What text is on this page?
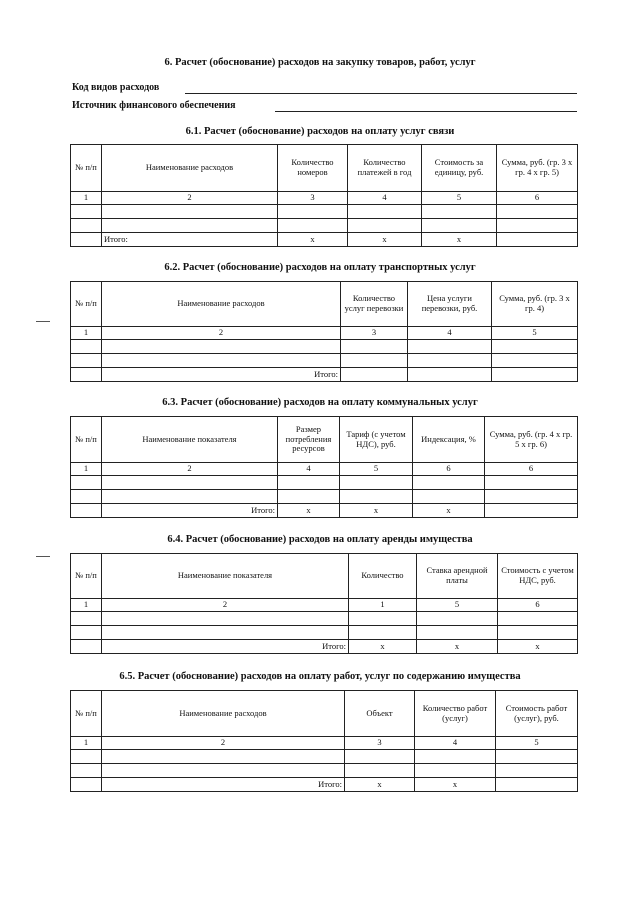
6. Расчет (обоснование) расходов на закупку товаров, работ, услуг
Код видов расходов
Источник финансового обеспечения
6.1. Расчет (обоснование) расходов на оплату услуг связи
№ п/п	Наименование расходов	Количество номеров	Количество платежей в год	Стоимость за единицу, руб.	Сумма, руб. (гр. 3 x гр. 4 x гр. 5)
1	2	3	4	5	6

	Итого:	x	x	x	
6.2. Расчет (обоснование) расходов на оплату транспортных услуг
№ п/п	Наименование расходов	Количество услуг перевозки	Цена услуги перевозки, руб.	Сумма, руб. (гр. 3 x гр. 4)
1	2	3	4	5

	Итого:			
6.3. Расчет (обоснование) расходов на оплату коммунальных услуг
№ п/п	Наименование показателя	Размер потребления ресурсов	Тариф (с учетом НДС), руб.	Индексация, %	Сумма, руб. (гр. 4 x гр. 5 x гр. 6)
1	2	4	5	6	6

	Итого:	x	x	x	
6.4. Расчет (обоснование) расходов на оплату аренды имущества
№ п/п	Наименование показателя	Количество	Ставка арендной платы	Стоимость с учетом НДС, руб.
1	2	1	5	6

	Итого:	x	x	x
6.5. Расчет (обоснование) расходов на оплату работ, услуг по содержанию имущества
№ п/п	Наименование расходов	Объект	Количество работ (услуг)	Стоимость работ (услуг), руб.
1	2	3	4	5

	Итого:	x	x	
